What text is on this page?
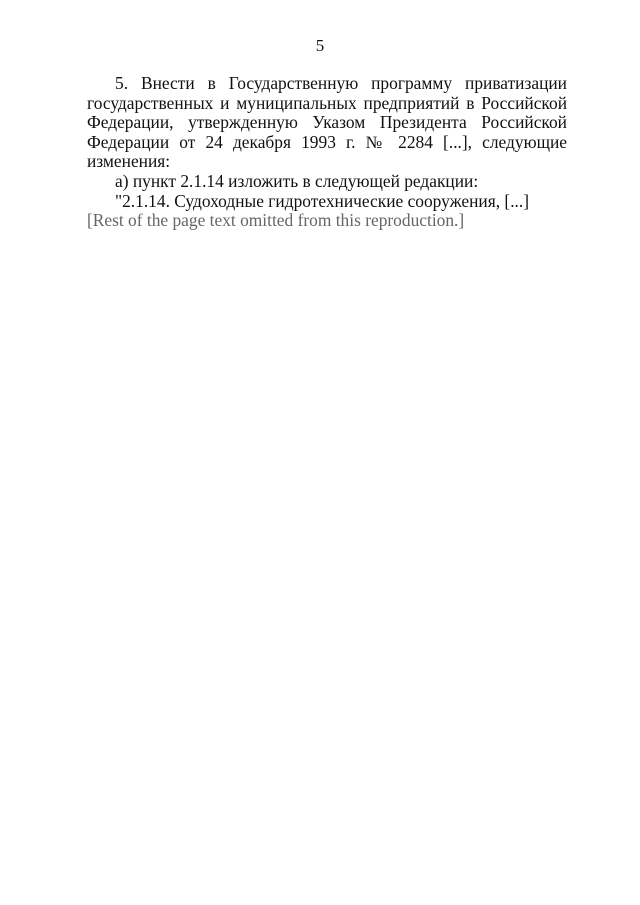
5

5. Внести в Государственную программу приватизации государственных и муниципальных предприятий в Российской Федерации, утвержденную Указом Президента Российской Федерации от 24 декабря 1993 г. № 2284 [...], следующие изменения:

а) пункт 2.1.14 изложить в следующей редакции:

"2.1.14. Судоходные гидротехнические сооружения, [...]

[Rest of the page text omitted from this reproduction.]
